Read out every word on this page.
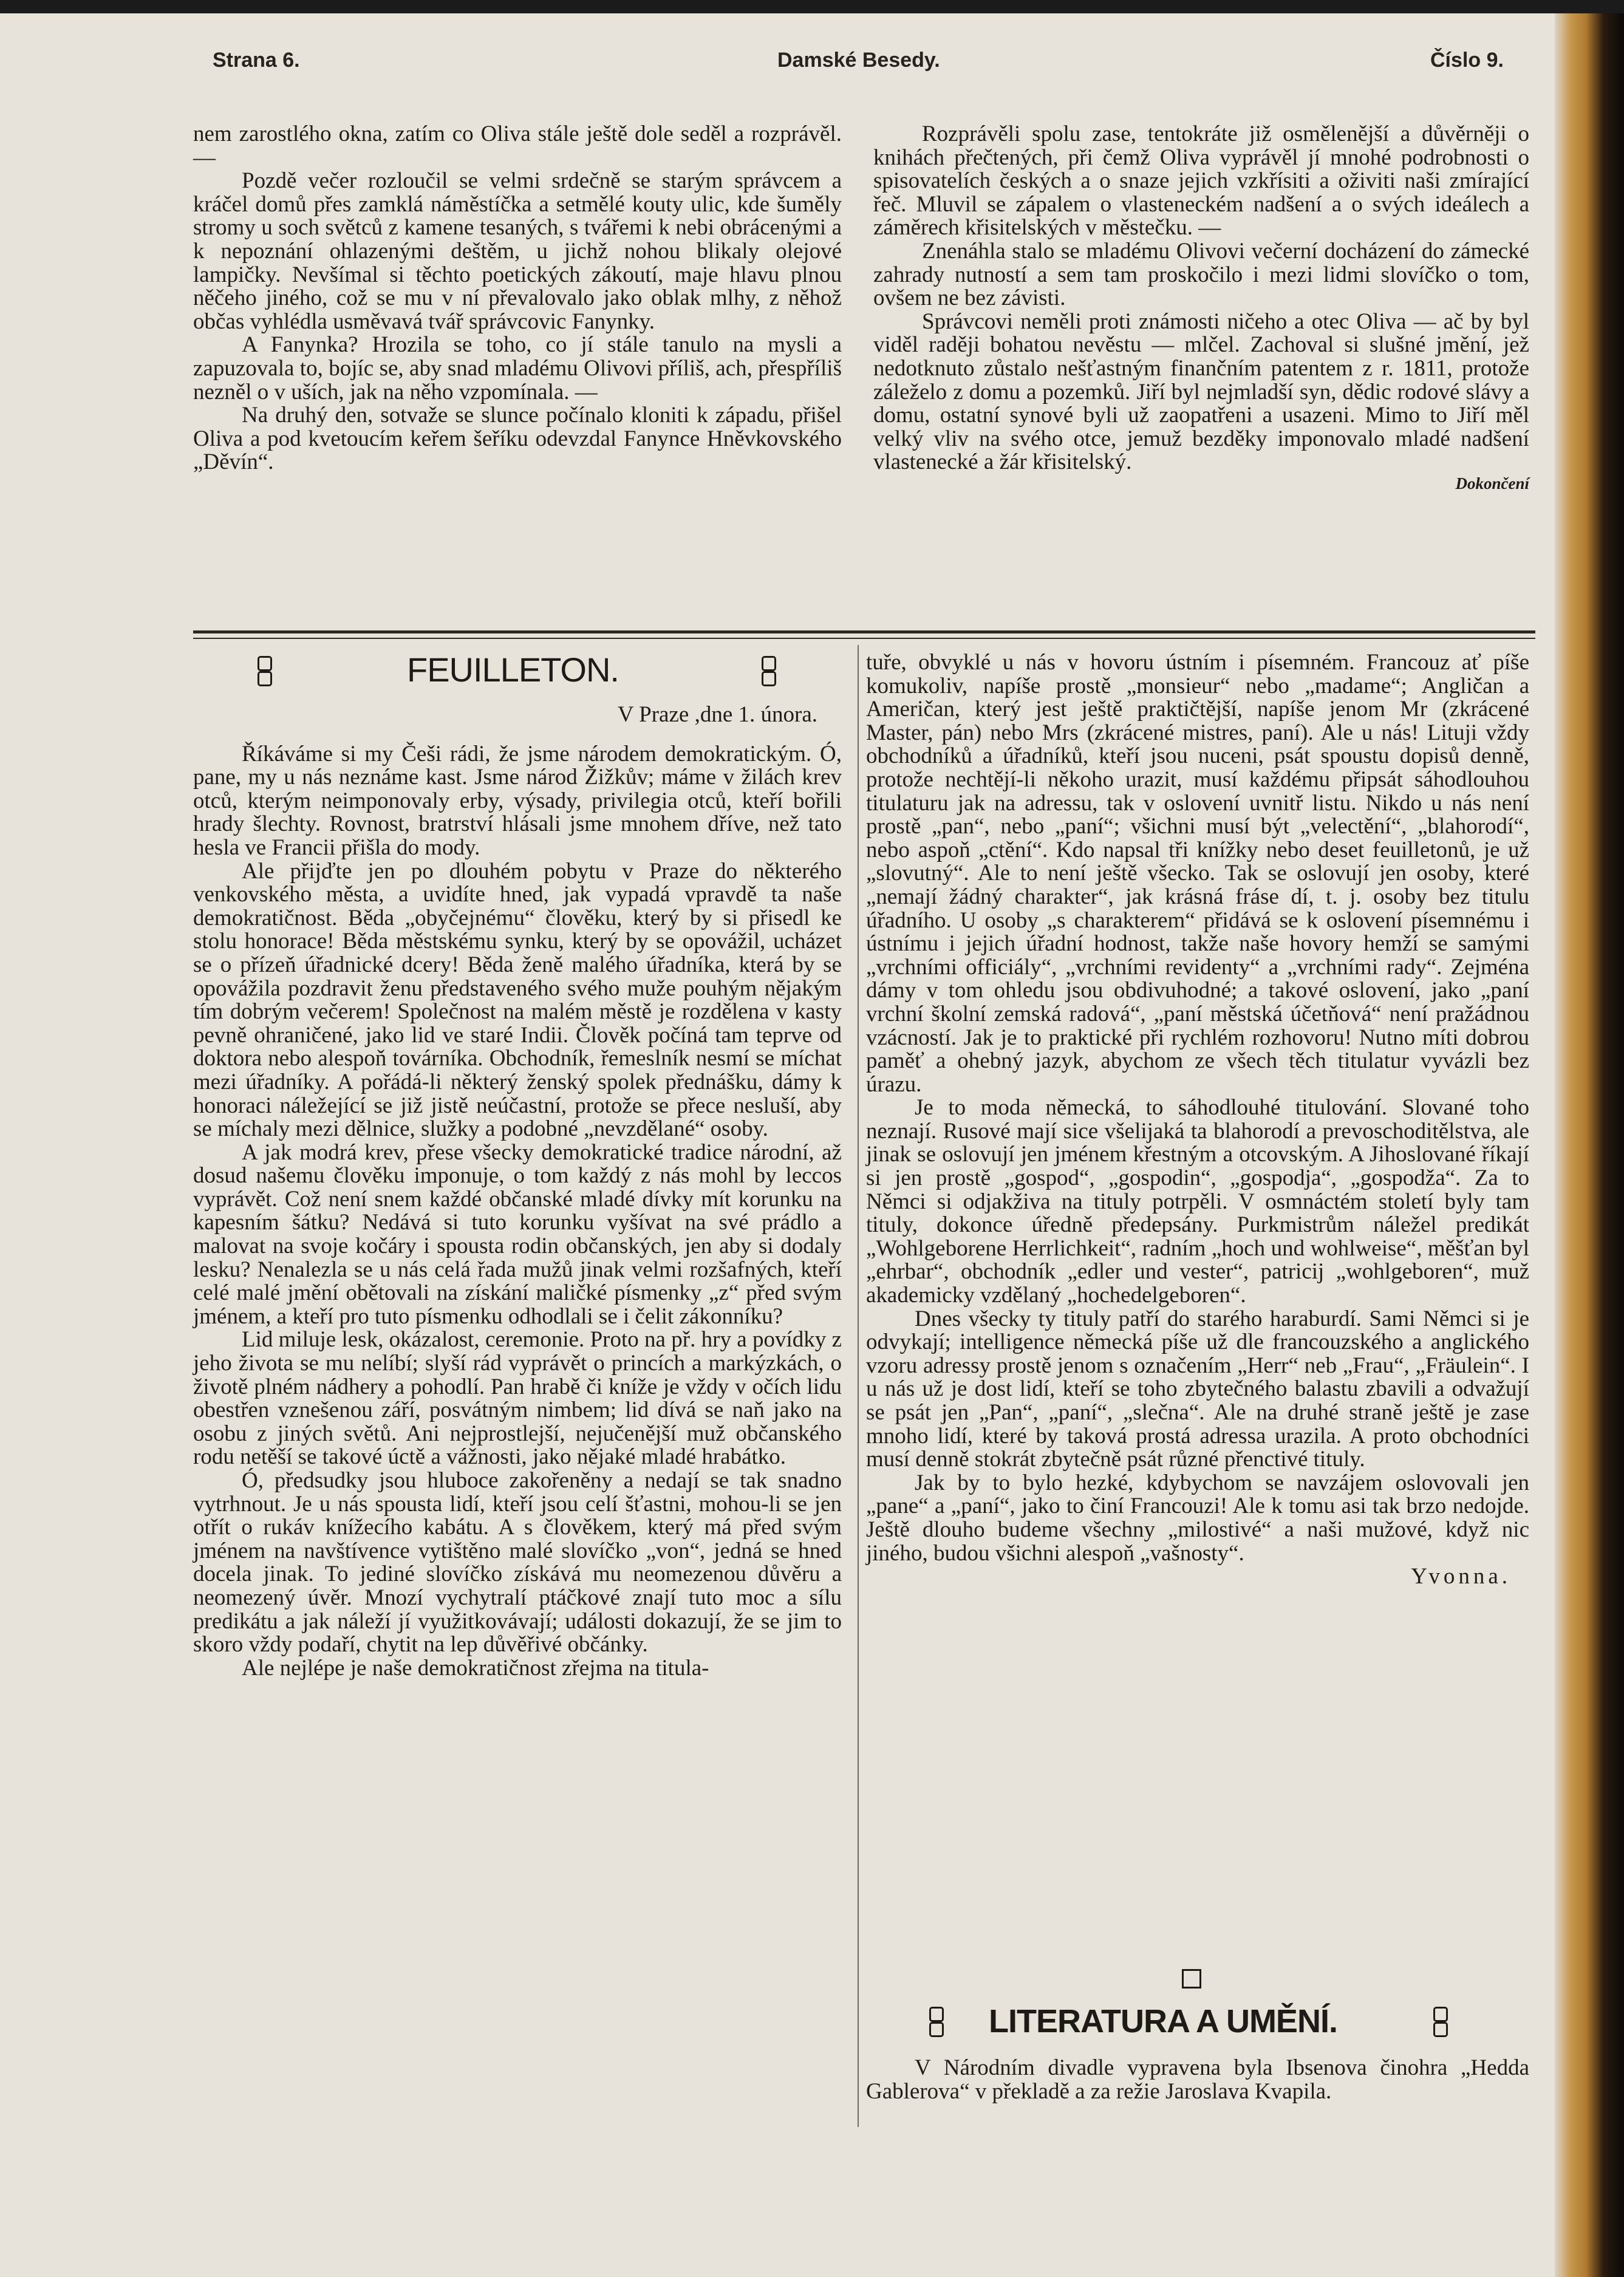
Strana 6.	Damské Besedy.	Číslo 9.

nem zarostlého okna, zatím co Oliva stále ještě dole seděl a rozprávěl. —

Pozdě večer rozloučil se velmi srdečně se starým správcem a kráčel domů přes zamklá náměstíčka a setmělé kouty ulic, kde šuměly stromy u soch světců z kamene tesaných, s tvářemi k nebi obrácenými a k nepoznání ohlazenými deštěm, u jichž nohou blikaly olejové lampičky. Nevšímal si těchto poetických zákoutí, maje hlavu plnou něčeho jiného, což se mu v ní převalovalo jako oblak mlhy, z něhož občas vyhlédla usměvavá tvář správcovic Fanynky.

A Fanynka? Hrozila se toho, co jí stále tanulo na mysli a zapuzovala to, bojíc se, aby snad mladému Olivovi příliš, ach, přespříliš nezněl o v uších, jak na něho vzpomínala. —

Na druhý den, sotvaže se slunce počínalo kloniti k západu, přišel Oliva a pod kvetoucím keřem šeříku odevzdal Fanynce Hněvkovského „Děvín“.

Rozprávěli spolu zase, tentokráte již osmělenější a důvěrněji o knihách přečtených, při čemž Oliva vyprávěl jí mnohé podrobnosti o spisovatelích českých a o snaze jejich vzkřísiti a oživiti naši zmírající řeč. Mluvil se zápalem o vlasteneckém nadšení a o svých ideálech a záměrech křisitelských v městečku. —

Znenáhla stalo se mladému Olivovi večerní docházení do zámecké zahrady nutností a sem tam proskočilo i mezi lidmi slovíčko o tom, ovšem ne bez závisti.

Správcovi neměli proti známosti ničeho a otec Olivа — ač by byl viděl raději bohatou nevěstu — mlčel. Zachoval si slušné jmění, jež nedotknuto zůstalo nešťastným finančním patentem z r. 1811, protože záleželo z domu a pozemků. Jiří byl nejmladší syn, dědic rodové slávy a domu, ostatní synové byli už zaopatřeni a usazeni. Mimo to Jiří měl velký vliv na svého otce, jemuž bezděky imponovalo mladé nadšení vlastenecké a žár křisitelský.

Dokončení
FEUILLETON.
V Praze ,dne 1. února.

Říkáváme si my Češi rádi, že jsme národem demokratickým. Ó, pane, my u nás neznáme kast. Jsme národ Žižkův; máme v žilách krev otců, kterým neimponovaly erby, výsady, privilegia otců, kteří bořili hrady šlechty. Rovnost, bratrství hlásali jsme mnohem dříve, než tato hesla ve Francii přišla do mody.

Ale přijďte jen po dlouhém pobytu v Praze do některého venkovského města, a uvidíte hned, jak vypadá vpravdě ta naše demokratičnost. Běda „obyčejnému“ člověku, který by si přisedl ke stolu honorace! Běda městskému synku, který by se opovážil, ucházet se o přízeň úřadnické dcery! Běda ženě malého úřadníka, která by se opovážila pozdravit ženu představeného svého muže pouhým nějakým tím dobrým večerem! Společnost na malém městě je rozdělena v kasty pevně ohraničené, jako lid ve staré Indii. Člověk počíná tam teprve od doktora nebo alespoň továrníka. Obchodník, řemeslník nesmí se míchat mezi úřadníky. A pořádá-li některý ženský spolek přednášku, dámy k honoraci náležející se již jistě neúčastní, protože se přece nesluší, aby se míchaly mezi dělnice, služky a podobné „nevzdělané“ osoby.

A jak modrá krev, přese všecky demokratické tradice národní, až dosud našemu člověku imponuje, o tom každý z nás mohl by leccos vyprávět. Což není snem každé občanské mladé dívky mít korunku na kapesním šátku? Nedává si tuto korunku vyšívat na své prádlo a malovat na svoje kočáry i spousta rodin občanských, jen aby si dodaly lesku? Nenalezla se u nás celá řada mužů jinak velmi rozšafných, kteří celé malé jmění obětovali na získání maličké písmenky „z“ před svým jménem, a kteří pro tuto písmenku odhodlali se i čelit zákonníku?

Lid miluje lesk, okázalost, ceremonie. Proto na př. hry a povídky z jeho života se mu nelíbí; slyší rád vyprávět o princích a markýzkách, o životě plném nádhery a pohodlí. Pan hrabě či kníže je vždy v očích lidu obestřen vznešenou září, posvátným nimbem; lid dívá se naň jako na osobu z jiných světů. Ani nejprostlejší, nejučenější muž občanského rodu netěší se takové úctě a vážnosti, jako nějaké mladé hrabátko.

Ó, předsudky jsou hluboce zakořeněny a nedají se tak snadno vytrhnout. Je u nás spousta lidí, kteří jsou celí šťastni, mohou-li se jen otřít o rukáv knížecího kabátu. A s člověkem, který má před svým jménem na navštívence vytištěno malé slovíčko „von“, jedná se hned docela jinak. To jediné slovíčko získává mu neomezenou důvěru a neomezený úvěr. Mnozí vychytralí ptáčkové znají tuto moc a sílu predikátu a jak náleží jí využitkovávají; události dokazují, že se jim to skoro vždy podaří, chytit na lep důvěřivé občánky.

Ale nejlépe je naše demokratičnost zřejma na titula-

tuře, obvyklé u nás v hovoru ústním i písemném. Francouz ať píše komukoliv, napíše prostě „monsieur“ nebo „madame“; Angličan a Američan, který jest ještě praktičtější, napíše jenom Mr (zkrácené Master, pán) nebo Mrs (zkrácené mistres, paní). Ale u nás! Lituji vždy obchodníků a úřadníků, kteří jsou nuceni, psát spoustu dopisů denně, protože nechtějí-li někoho urazit, musí každému připsát sáhodlouhou titulaturu jak na adressu, tak v oslovení uvnitř listu. Nikdo u nás není prostě „pan“, nebo „paní“; všichni musí být „velectění“, „blahorodí“, nebo aspoň „ctění“. Kdo napsal tři knížky nebo deset feuilletonů, je už „slovutný“. Ale to není ještě všecko. Tak se oslovují jen osoby, které „nemají žádný charakter“, jak krásná fráse dí, t. j. osoby bez titulu úřadního. U osoby „s charakterem“ přidává se k oslovení písemnému i ústnímu i jejich úřadní hodnost, takže naše hovory hemží se samými „vrchními officiály“, „vrchními revidenty“ a „vrchními rady“. Zejména dámy v tom ohledu jsou obdivuhodné; a takové oslovení, jako „paní vrchní školní zemská radová“, „paní městská účetňová“ není pražádnou vzácností. Jak je to praktické při rychlém rozhovoru! Nutno míti dobrou paměť a ohebný jazyk, abychom ze všech těch titulatur vyvázli bez úrazu.

Je to moda německá, to sáhodlouhé titulování. Slované toho neznají. Rusové mají sice všelijaká ta blahorodí a prevoschoditělstva, ale jinak se oslovují jen jménem křestným a otcovským. A Jihoslované říkají si jen prostě „gospod“, „gospodin“, „gospodja“, „gospodža“. Za to Němci si odjakživa na tituly potrpěli. V osmnáctém století byly tam tituly, dokonce úředně předepsány. Purkmistrům náležel predikát „Wohlgeborene Herrlichkeit“, radním „hoch und wohlweise“, měšťan byl „ehrbar“, obchodník „edler und vester“, patricij „wohlgeboren“, muž akademicky vzdělaný „hochedelgeboren“.

Dnes všecky ty tituly patří do starého haraburdí. Sami Němci si je odvykají; intelligence německá píše už dle francouzského a anglického vzoru adressy prostě jenom s označením „Herr“ neb „Frau“, „Fräulein“. I u nás už je dost lidí, kteří se toho zbytečného balastu zbavili a odvažují se psát jen „Pan“, „paní“, „slečna“. Ale na druhé straně ještě je zase mnoho lidí, které by taková prostá adressa urazila. A proto obchodníci musí denně stokrát zbytečně psát různé přenctivé tituly.

Jak by to bylo hezké, kdybychom se navzájem oslovovali jen „pane“ a „paní“, jako to činí Francouzi! Ale k tomu asi tak brzo nedojde. Ještě dlouho budeme všechny „milostivé“ a naši mužové, když nic jiného, budou všichni alespoň „vašnosty“.

Yvonna.
LITERATURA A UMĚNÍ.

V Národním divadle vypravena byla Ibsenova činohra „Hedda Gablerova“ v překladě a za režie Jaroslava Kvapila.
